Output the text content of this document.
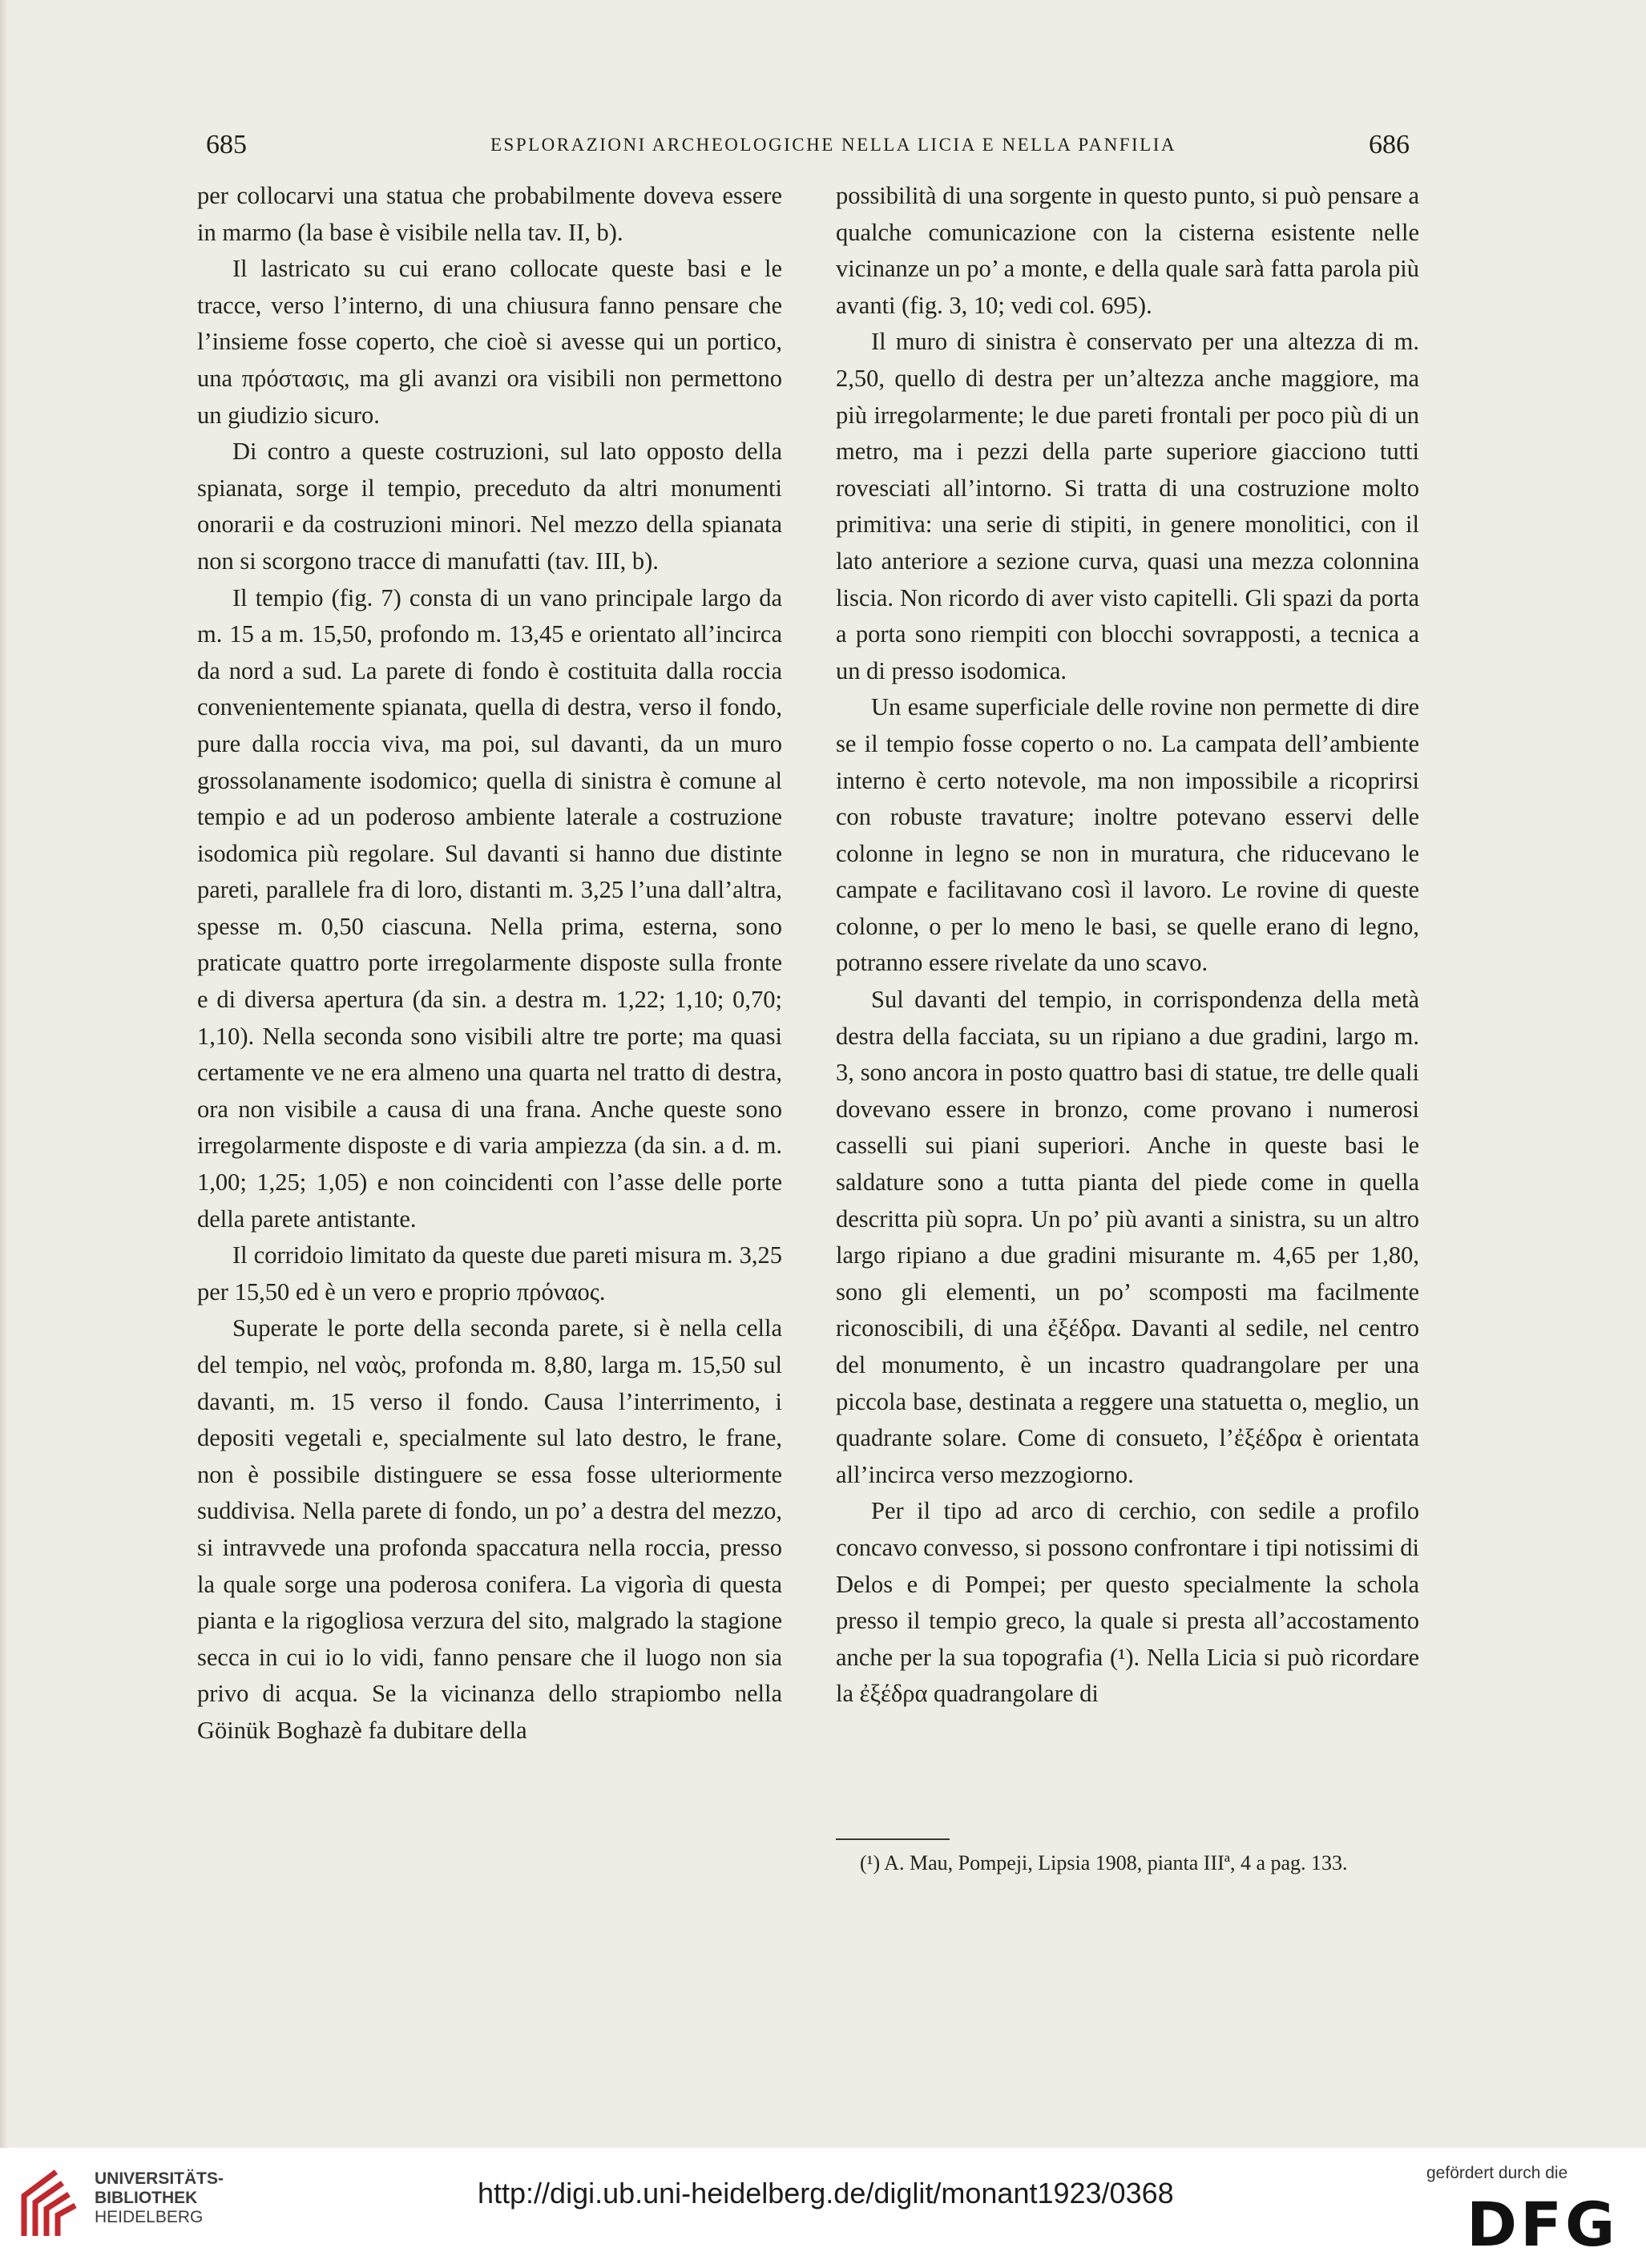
685	ESPLORAZIONI ARCHEOLOGICHE NELLA LICIA E NELLA PANFILIA	686

per collocarvi una statua che probabilmente doveva essere in marmo (la base è visibile nella tav. II, b).

Il lastricato su cui erano collocate queste basi e le tracce, verso l’interno, di una chiusura fanno pensare che l’insieme fosse coperto, che cioè si avesse qui un portico, una πρόστασις, ma gli avanzi ora visibili non permettono un giudizio sicuro.

Di contro a queste costruzioni, sul lato opposto della spianata, sorge il tempio, preceduto da altri monumenti onorarii e da costruzioni minori. Nel mezzo della spianata non si scorgono tracce di manufatti (tav. III, b).

Il tempio (fig. 7) consta di un vano principale largo da m. 15 a m. 15,50, profondo m. 13,45 e orientato all’incirca da nord a sud. La parete di fondo è costituita dalla roccia convenientemente spianata, quella di destra, verso il fondo, pure dalla roccia viva, ma poi, sul davanti, da un muro grossolanamente isodomico; quella di sinistra è comune al tempio e ad un poderoso ambiente laterale a costruzione isodomica più regolare. Sul davanti si hanno due distinte pareti, parallele fra di loro, distanti m. 3,25 l’una dall’altra, spesse m. 0,50 ciascuna. Nella prima, esterna, sono praticate quattro porte irregolarmente disposte sulla fronte e di diversa apertura (da sin. a destra m. 1,22; 1,10; 0,70; 1,10). Nella seconda sono visibili altre tre porte; ma quasi certamente ve ne era almeno una quarta nel tratto di destra, ora non visibile a causa di una frana. Anche queste sono irregolarmente disposte e di varia ampiezza (da sin. a d. m. 1,00; 1,25; 1,05) e non coincidenti con l’asse delle porte della parete antistante.

Il corridoio limitato da queste due pareti misura m. 3,25 per 15,50 ed è un vero e proprio πρόναος.

Superate le porte della seconda parete, si è nella cella del tempio, nel ναὸς, profonda m. 8,80, larga m. 15,50 sul davanti, m. 15 verso il fondo. Causa l’interrimento, i depositi vegetali e, specialmente sul lato destro, le frane, non è possibile distinguere se essa fosse ulteriormente suddivisa. Nella parete di fondo, un po’ a destra del mezzo, si intravvede una profonda spaccatura nella roccia, presso la quale sorge una poderosa conifera. La vigorìa di questa pianta e la rigogliosa verzura del sito, malgrado la stagione secca in cui io lo vidi, fanno pensare che il luogo non sia privo di acqua. Se la vicinanza dello strapiombo nella Göinük Boghazè fa dubitare della

possibilità di una sorgente in questo punto, si può pensare a qualche comunicazione con la cisterna esistente nelle vicinanze un po’ a monte, e della quale sarà fatta parola più avanti (fig. 3, 10; vedi col. 695).

Il muro di sinistra è conservato per una altezza di m. 2,50, quello di destra per un’altezza anche maggiore, ma più irregolarmente; le due pareti frontali per poco più di un metro, ma i pezzi della parte superiore giacciono tutti rovesciati all’intorno. Si tratta di una costruzione molto primitiva: una serie di stipiti, in genere monolitici, con il lato anteriore a sezione curva, quasi una mezza colonnina liscia. Non ricordo di aver visto capitelli. Gli spazi da porta a porta sono riempiti con blocchi sovrapposti, a tecnica a un di presso isodomica.

Un esame superficiale delle rovine non permette di dire se il tempio fosse coperto o no. La campata dell’ambiente interno è certo notevole, ma non impossibile a ricoprirsi con robuste travature; inoltre potevano esservi delle colonne in legno se non in muratura, che riducevano le campate e facilitavano così il lavoro. Le rovine di queste colonne, o per lo meno le basi, se quelle erano di legno, potranno essere rivelate da uno scavo.

Sul davanti del tempio, in corrispondenza della metà destra della facciata, su un ripiano a due gradini, largo m. 3, sono ancora in posto quattro basi di statue, tre delle quali dovevano essere in bronzo, come provano i numerosi casselli sui piani superiori. Anche in queste basi le saldature sono a tutta pianta del piede come in quella descritta più sopra. Un po’ più avanti a sinistra, su un altro largo ripiano a due gradini misurante m. 4,65 per 1,80, sono gli elementi, un po’ scomposti ma facilmente riconoscibili, di una ἐξέδρα. Davanti al sedile, nel centro del monumento, è un incastro quadrangolare per una piccola base, destinata a reggere una statuetta o, meglio, un quadrante solare. Come di consueto, l’ἐξέδρα è orientata all’incirca verso mezzogiorno.

Per il tipo ad arco di cerchio, con sedile a profilo concavo convesso, si possono confrontare i tipi notissimi di Delos e di Pompei; per questo specialmente la schola presso il tempio greco, la quale si presta all’accostamento anche per la sua topografia (¹). Nella Licia si può ricordare la ἐξέδρα quadrangolare di

(¹) A. Mau, Pompeji, Lipsia 1908, pianta IIIª, 4 a pag. 133.
UNIVERSITÄTS-
BIBLIOTHEK
HEIDELBERG
http://digi.ub.uni-heidelberg.de/diglit/monant1923/0368
gefördert durch die
DFG
